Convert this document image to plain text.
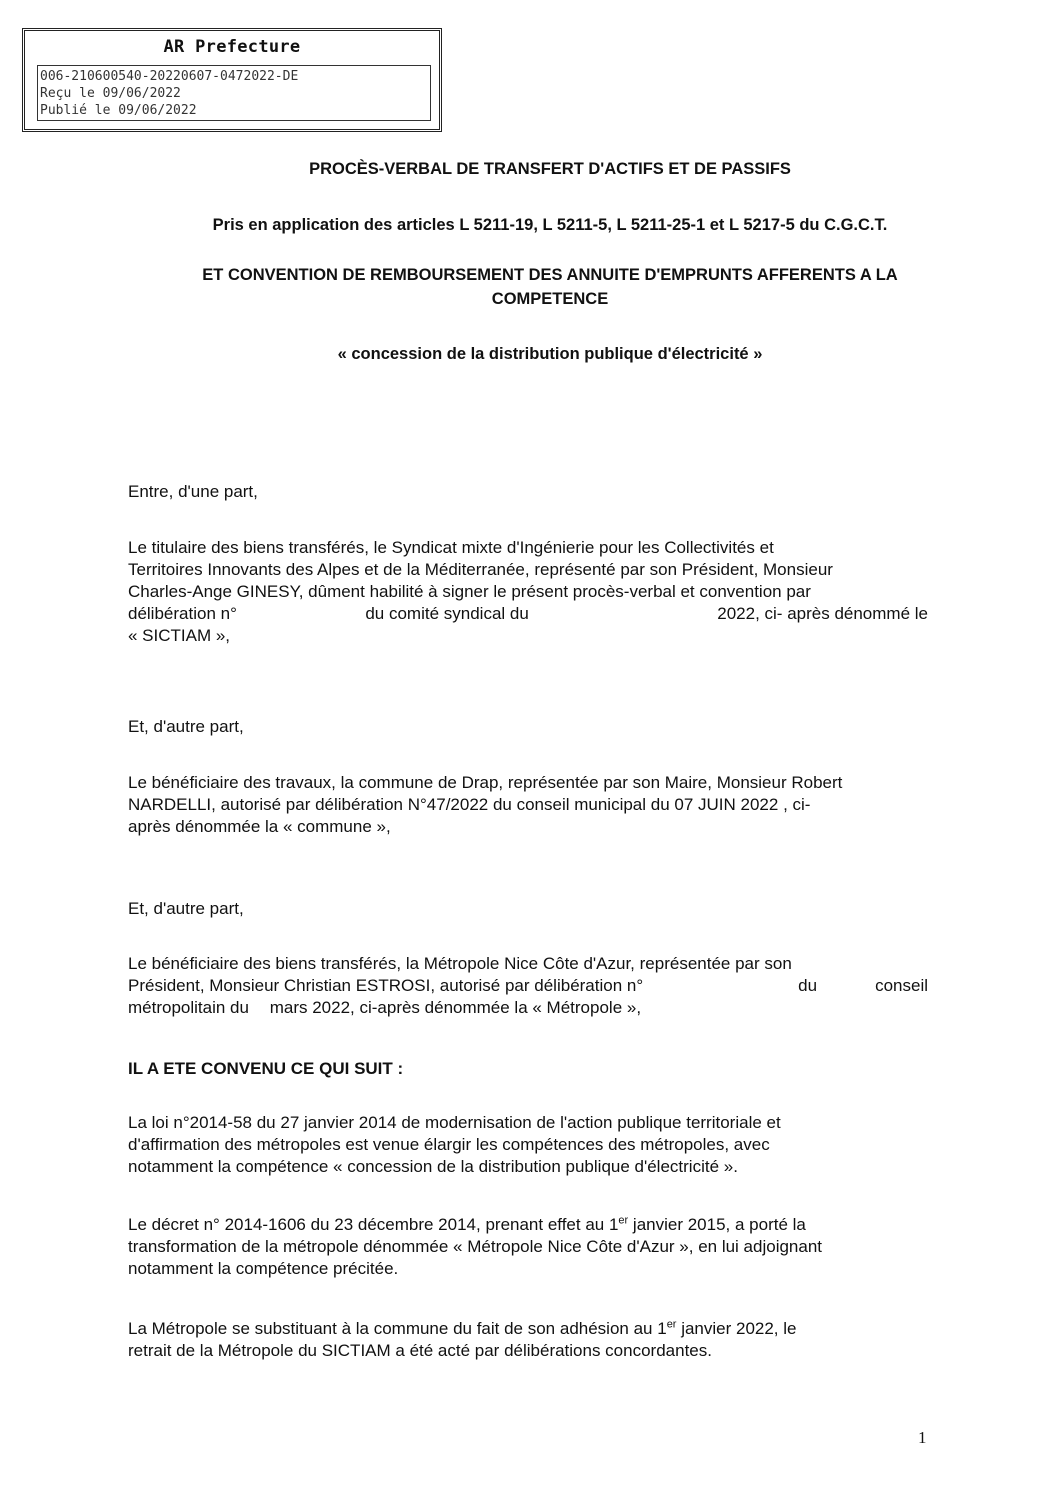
AR Prefecture
006-210600540-20220607-0472022-DE
Reçu le 09/06/2022
Publié le 09/06/2022
PROCÈS-VERBAL DE TRANSFERT D'ACTIFS ET DE PASSIFS
Pris en application des articles L 5211-19, L 5211-5, L 5211-25-1 et L 5217-5 du C.G.C.T.
ET CONVENTION DE REMBOURSEMENT DES ANNUITE D'EMPRUNTS AFFERENTS A LA
COMPETENCE
« concession de la distribution publique d'électricité »
Entre, d'une part,
Le titulaire des biens transférés, le Syndicat mixte d'Ingénierie pour les Collectivités et
Territoires Innovants des Alpes et de la Méditerranée, représenté par son Président, Monsieur
Charles-Ange GINESY, dûment habilité à signer le présent procès-verbal et convention par
délibération n°	du comité syndical du	2022, ci- après dénommé le
« SICTIAM »,
Et, d'autre part,
Le bénéficiaire des travaux, la commune de Drap, représentée par son Maire, Monsieur Robert
NARDELLI, autorisé par délibération N°47/2022 du conseil municipal du 07 JUIN 2022 , ci-
après dénommée la « commune »,
Et, d'autre part,
Le bénéficiaire des biens transférés, la Métropole Nice Côte d'Azur, représentée par son
Président, Monsieur Christian ESTROSI, autorisé par délibération n°	du	conseil
métropolitain du mars 2022, ci-après dénommée la « Métropole »,
IL A ETE CONVENU CE QUI SUIT :
La loi n°2014-58 du 27 janvier 2014 de modernisation de l'action publique territoriale et
d'affirmation des métropoles est venue élargir les compétences des métropoles, avec
notamment la compétence « concession de la distribution publique d'électricité ».
Le décret n° 2014-1606 du 23 décembre 2014, prenant effet au 1er janvier 2015, a porté la
transformation de la métropole dénommée « Métropole Nice Côte d'Azur », en lui adjoignant
notamment la compétence précitée.
La Métropole se substituant à la commune du fait de son adhésion au 1er janvier 2022, le
retrait de la Métropole du SICTIAM a été acté par délibérations concordantes.
1
